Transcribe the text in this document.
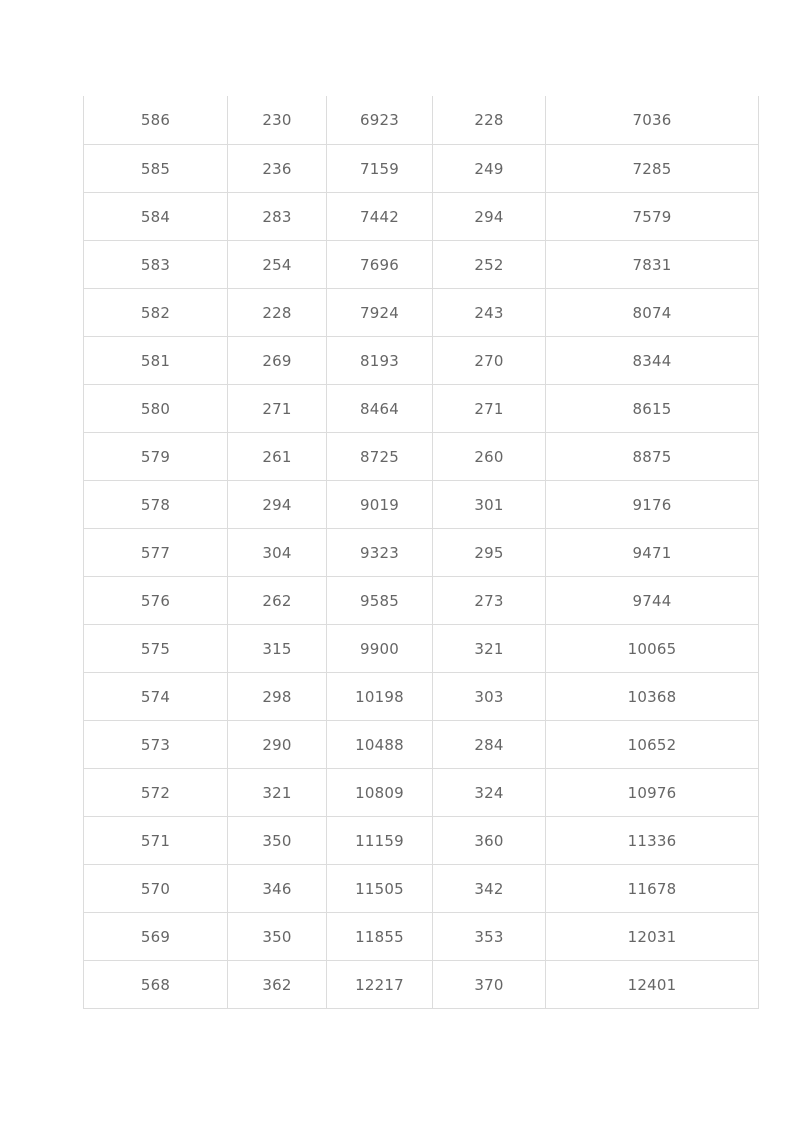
586	230	6923	228	7036
585	236	7159	249	7285
584	283	7442	294	7579
583	254	7696	252	7831
582	228	7924	243	8074
581	269	8193	270	8344
580	271	8464	271	8615
579	261	8725	260	8875
578	294	9019	301	9176
577	304	9323	295	9471
576	262	9585	273	9744
575	315	9900	321	10065
574	298	10198	303	10368
573	290	10488	284	10652
572	321	10809	324	10976
571	350	11159	360	11336
570	346	11505	342	11678
569	350	11855	353	12031
568	362	12217	370	12401
